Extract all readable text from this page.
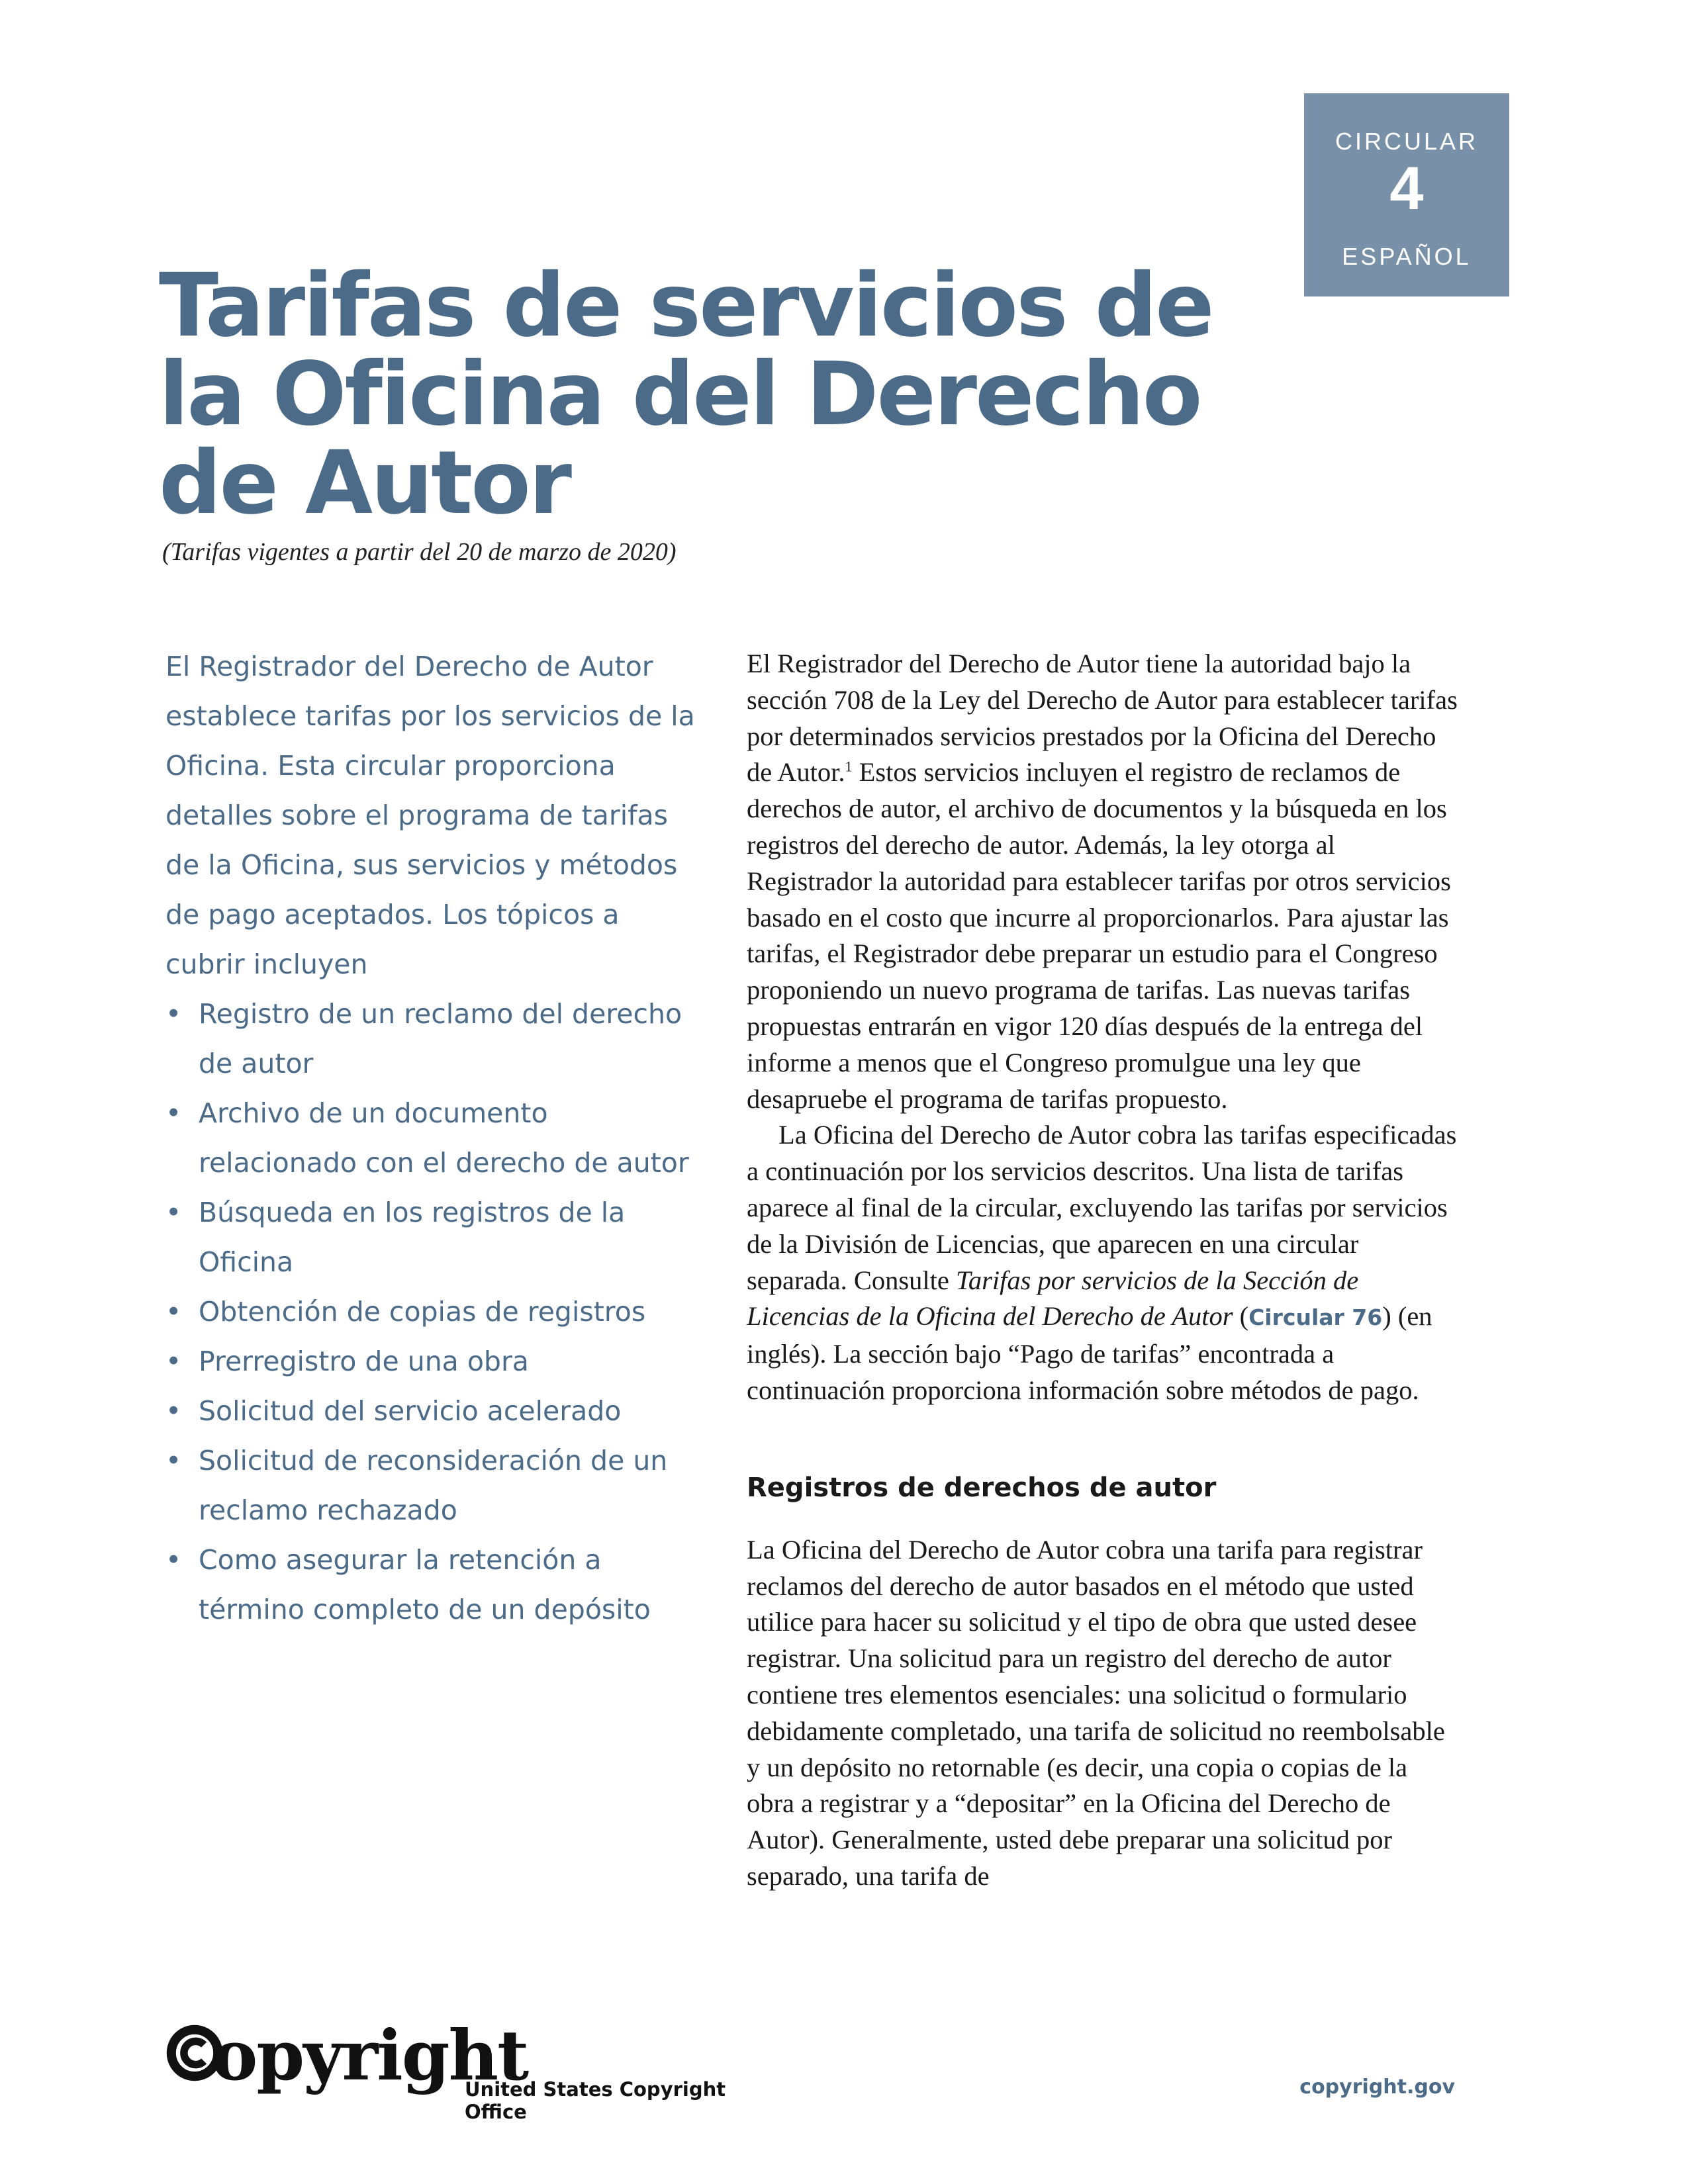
CIRCULAR
4
ESPAÑOL
Tarifas de servicios de
la Oficina del Derecho
de Autor
(Tarifas vigentes a partir del 20 de marzo de 2020)

El Registrador del Derecho de Autor establece tarifas por los servicios de la Oficina. Esta circular proporciona detalles sobre el programa de tarifas de la Oficina, sus servicios y métodos de pago aceptados. Los tópicos a cubrir incluyen

• Registro de un reclamo del derecho de autor
• Archivo de un documento relacionado con el derecho de autor
• Búsqueda en los registros de la Oficina
• Obtención de copias de registros
• Prerregistro de una obra
• Solicitud del servicio acelerado
• Solicitud de reconsideración de un reclamo rechazado
• Como asegurar la retención a término completo de un depósito

El Registrador del Derecho de Autor tiene la autoridad bajo la sección 708 de la Ley del Derecho de Autor para establecer tarifas por determinados servicios prestados por la Oficina del Derecho de Autor.$^1$ Estos servicios incluyen el registro de reclamos de derechos de autor, el archivo de documentos y la búsqueda en los registros del derecho de autor. Además, la ley otorga al Registrador la autoridad para establecer tarifas por otros servicios basado en el costo que incurre al proporcionarlos. Para ajustar las tarifas, el Registrador debe preparar un estudio para el Congreso proponiendo un nuevo programa de tarifas. Las nuevas tarifas propuestas entrarán en vigor 120 días después de la entrega del informe a menos que el Congreso promulgue una ley que desapruebe el programa de tarifas propuesto.

La Oficina del Derecho de Autor cobra las tarifas especificadas a continuación por los servicios descritos. Una lista de tarifas aparece al final de la circular, excluyendo las tarifas por servicios de la División de Licencias, que aparecen en una circular separada. Consulte Tarifas por servicios de la Sección de Licencias de la Oficina del Derecho de Autor (Circular 76) (en inglés). La sección bajo “Pago de tarifas” encontrada a continuación proporciona información sobre métodos de pago.

Registros de derechos de autor

La Oficina del Derecho de Autor cobra una tarifa para registrar reclamos del derecho de autor basados en el método que usted utilice para hacer su solicitud y el tipo de obra que usted desee registrar. Una solicitud para un registro del derecho de autor contiene tres elementos esenciales: una solicitud o formulario debidamente completado, una tarifa de solicitud no reembolsable y un depósito no retornable (es decir, una copia o copias de la obra a registrar y a “depositar” en la Oficina del Derecho de Autor). Generalmente, usted debe preparar una solicitud por separado, una tarifa de

opyright
United States Copyright Office
copyright.gov
